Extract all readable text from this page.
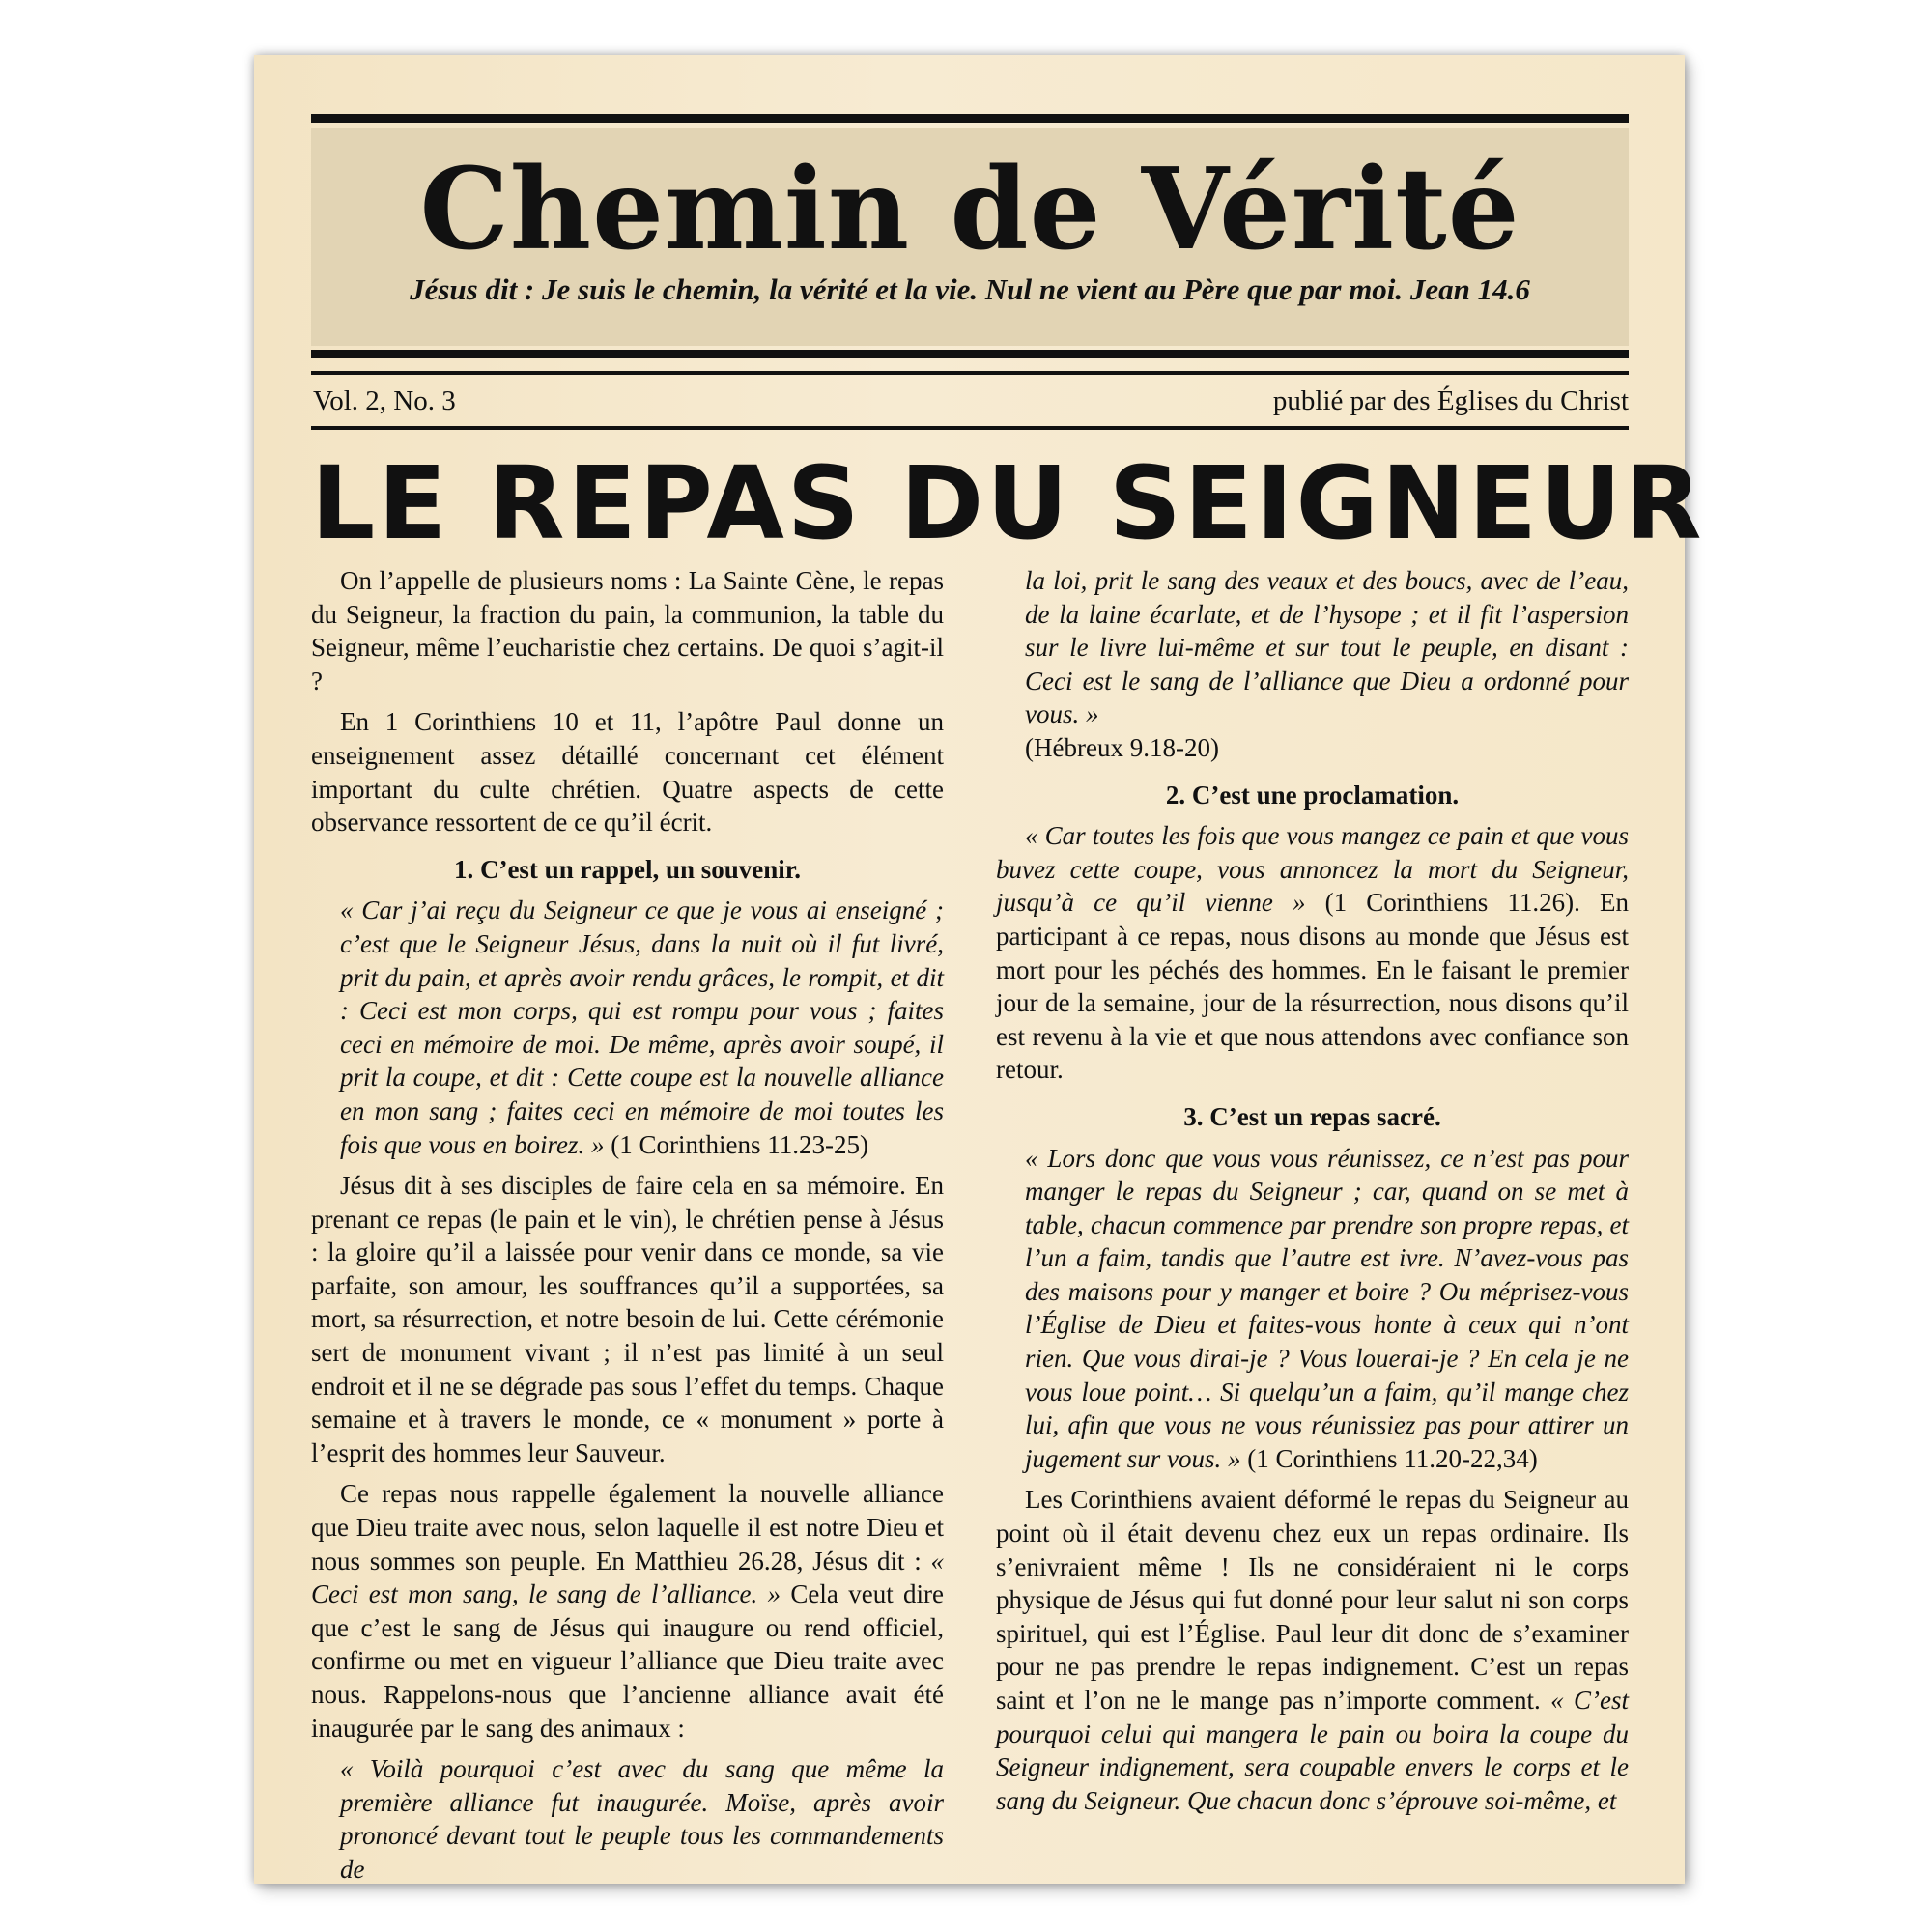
Chemin de Vérité
Jésus dit : Je suis le chemin, la vérité et la vie. Nul ne vient au Père que par moi. Jean 14.6
Vol. 2, No. 3	publié par des Églises du Christ
LE REPAS DU SEIGNEUR

On l’appelle de plusieurs noms : La Sainte Cène, le repas du Seigneur, la fraction du pain, la communion, la table du Seigneur, même l’eucharistie chez certains. De quoi s’agit-il ?

En 1 Corinthiens 10 et 11, l’apôtre Paul donne un enseignement assez détaillé concernant cet élément important du culte chrétien. Quatre aspects de cette observance ressortent de ce qu’il écrit.

1. C’est un rappel, un souvenir.

« Car j’ai reçu du Seigneur ce que je vous ai enseigné ; c’est que le Seigneur Jésus, dans la nuit où il fut livré, prit du pain, et après avoir rendu grâces, le rompit, et dit : Ceci est mon corps, qui est rompu pour vous ; faites ceci en mémoire de moi. De même, après avoir soupé, il prit la coupe, et dit : Cette coupe est la nouvelle alliance en mon sang ; faites ceci en mémoire de moi toutes les fois que vous en boirez. » (1 Corinthiens 11.23-25)

Jésus dit à ses disciples de faire cela en sa mémoire. En prenant ce repas (le pain et le vin), le chrétien pense à Jésus : la gloire qu’il a laissée pour venir dans ce monde, sa vie parfaite, son amour, les souffrances qu’il a supportées, sa mort, sa résurrection, et notre besoin de lui. Cette cérémonie sert de monument vivant ; il n’est pas limité à un seul endroit et il ne se dégrade pas sous l’effet du temps. Chaque semaine et à travers le monde, ce « monument » porte à l’esprit des hommes leur Sauveur.

Ce repas nous rappelle également la nouvelle alliance que Dieu traite avec nous, selon laquelle il est notre Dieu et nous sommes son peuple. En Matthieu 26.28, Jésus dit : « Ceci est mon sang, le sang de l’alliance. » Cela veut dire que c’est le sang de Jésus qui inaugure ou rend officiel, confirme ou met en vigueur l’alliance que Dieu traite avec nous. Rappelons-nous que l’ancienne alliance avait été inaugurée par le sang des animaux :

« Voilà pourquoi c’est avec du sang que même la première alliance fut inaugurée. Moïse, après avoir prononcé devant tout le peuple tous les commandements de

la loi, prit le sang des veaux et des boucs, avec de l’eau, de la laine écarlate, et de l’hysope ; et il fit l’aspersion sur le livre lui-même et sur tout le peuple, en disant : Ceci est le sang de l’alliance que Dieu a ordonné pour vous. »
(Hébreux 9.18-20)

2. C’est une proclamation.

« Car toutes les fois que vous mangez ce pain et que vous buvez cette coupe, vous annoncez la mort du Seigneur, jusqu’à ce qu’il vienne » (1 Corinthiens 11.26). En participant à ce repas, nous disons au monde que Jésus est mort pour les péchés des hommes. En le faisant le premier jour de la semaine, jour de la résurrection, nous disons qu’il est revenu à la vie et que nous attendons avec confiance son retour.

3. C’est un repas sacré.

« Lors donc que vous vous réunissez, ce n’est pas pour manger le repas du Seigneur ; car, quand on se met à table, chacun commence par prendre son propre repas, et l’un a faim, tandis que l’autre est ivre. N’avez-vous pas des maisons pour y manger et boire ? Ou méprisez-vous l’Église de Dieu et faites-vous honte à ceux qui n’ont rien. Que vous dirai-je ? Vous louerai-je ? En cela je ne vous loue point… Si quelqu’un a faim, qu’il mange chez lui, afin que vous ne vous réunissiez pas pour attirer un jugement sur vous. » (1 Corinthiens 11.20-22,34)

Les Corinthiens avaient déformé le repas du Seigneur au point où il était devenu chez eux un repas ordinaire. Ils s’enivraient même ! Ils ne considéraient ni le corps physique de Jésus qui fut donné pour leur salut ni son corps spirituel, qui est l’Église. Paul leur dit donc de s’examiner pour ne pas prendre le repas indignement. C’est un repas saint et l’on ne le mange pas n’importe comment. « C’est pourquoi celui qui mangera le pain ou boira la coupe du Seigneur indignement, sera coupable envers le corps et le sang du Seigneur. Que chacun donc s’éprouve soi-même, et
